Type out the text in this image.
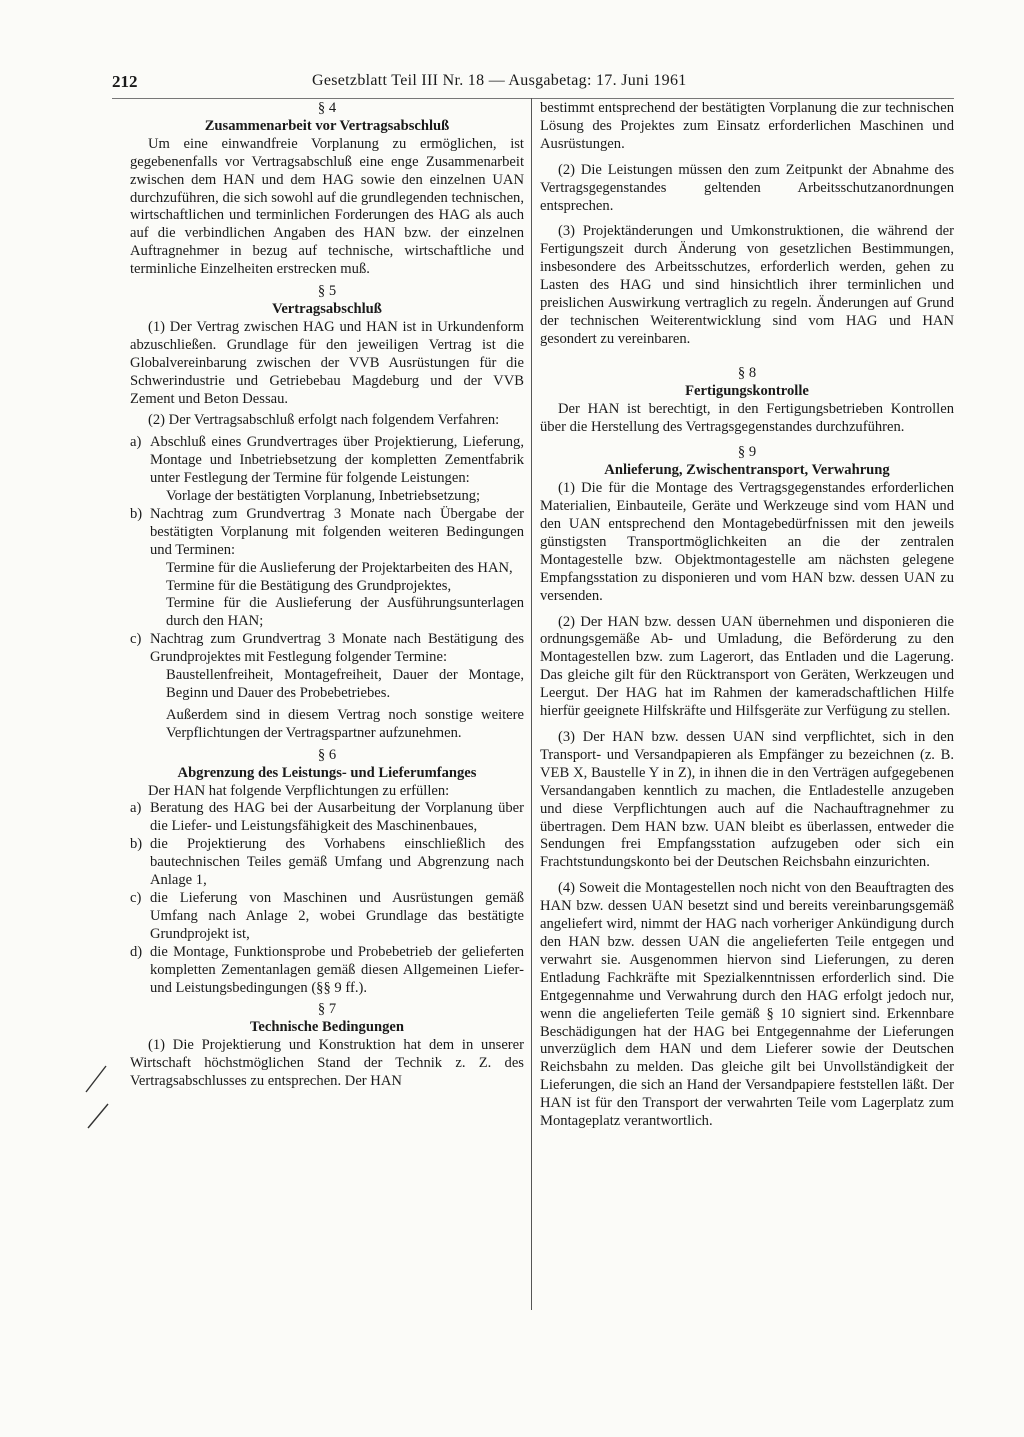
212	Gesetzblatt Teil III Nr. 18 — Ausgabetag: 17. Juni 1961

§ 4

Zusammenarbeit vor Vertragsabschluß

Um eine einwandfreie Vorplanung zu ermöglichen, ist gegebenenfalls vor Vertragsabschluß eine enge Zusammenarbeit zwischen dem HAN und dem HAG sowie den einzelnen UAN durchzuführen, die sich sowohl auf die grundlegenden technischen, wirtschaftlichen und terminlichen Forderungen des HAG als auch auf die verbindlichen Angaben des HAN bzw. der einzelnen Auftragnehmer in bezug auf technische, wirtschaftliche und terminliche Einzelheiten erstrecken muß.

§ 5

Vertragsabschluß

(1) Der Vertrag zwischen HAG und HAN ist in Urkundenform abzuschließen. Grundlage für den jeweiligen Vertrag ist die Globalvereinbarung zwischen der VVB Ausrüstungen für die Schwerindustrie und Getriebebau Magdeburg und der VVB Zement und Beton Dessau.

(2) Der Vertragsabschluß erfolgt nach folgendem Verfahren:

a) Abschluß eines Grundvertrages über Projektierung, Lieferung, Montage und Inbetriebsetzung der kompletten Zementfabrik unter Festlegung der Termine für folgende Leistungen:

Vorlage der bestätigten Vorplanung, Inbetriebsetzung;

b) Nachtrag zum Grundvertrag 3 Monate nach Übergabe der bestätigten Vorplanung mit folgenden weiteren Bedingungen und Terminen:

Termine für die Auslieferung der Projektarbeiten des HAN,

Termine für die Bestätigung des Grundprojektes,

Termine für die Auslieferung der Ausführungsunterlagen durch den HAN;

c) Nachtrag zum Grundvertrag 3 Monate nach Bestätigung des Grundprojektes mit Festlegung folgender Termine:

Baustellenfreiheit, Montagefreiheit, Dauer der Montage, Beginn und Dauer des Probebetriebes.

Außerdem sind in diesem Vertrag noch sonstige weitere Verpflichtungen der Vertragspartner aufzunehmen.

§ 6

Abgrenzung des Leistungs- und Lieferumfanges

Der HAN hat folgende Verpflichtungen zu erfüllen:

a) Beratung des HAG bei der Ausarbeitung der Vorplanung über die Liefer- und Leistungsfähigkeit des Maschinenbaues,
b) die Projektierung des Vorhabens einschließlich des bautechnischen Teiles gemäß Umfang und Abgrenzung nach Anlage 1,
c) die Lieferung von Maschinen und Ausrüstungen gemäß Umfang nach Anlage 2, wobei Grundlage das bestätigte Grundprojekt ist,
d) die Montage, Funktionsprobe und Probebetrieb der gelieferten kompletten Zementanlagen gemäß diesen Allgemeinen Liefer- und Leistungsbedingungen (§§ 9 ff.).

§ 7

Technische Bedingungen

(1) Die Projektierung und Konstruktion hat dem in unserer Wirtschaft höchstmöglichen Stand der Technik z. Z. des Vertragsabschlusses zu entsprechen. Der HAN

bestimmt entsprechend der bestätigten Vorplanung die zur technischen Lösung des Projektes zum Einsatz erforderlichen Maschinen und Ausrüstungen.

(2) Die Leistungen müssen den zum Zeitpunkt der Abnahme des Vertragsgegenstandes geltenden Arbeitsschutzanordnungen entsprechen.

(3) Projektänderungen und Umkonstruktionen, die während der Fertigungszeit durch Änderung von gesetzlichen Bestimmungen, insbesondere des Arbeitsschutzes, erforderlich werden, gehen zu Lasten des HAG und sind hinsichtlich ihrer terminlichen und preislichen Auswirkung vertraglich zu regeln. Änderungen auf Grund der technischen Weiterentwicklung sind vom HAG und HAN gesondert zu vereinbaren.

§ 8

Fertigungskontrolle

Der HAN ist berechtigt, in den Fertigungsbetrieben Kontrollen über die Herstellung des Vertragsgegenstandes durchzuführen.

§ 9

Anlieferung, Zwischentransport, Verwahrung

(1) Die für die Montage des Vertragsgegenstandes erforderlichen Materialien, Einbauteile, Geräte und Werkzeuge sind vom HAN und den UAN entsprechend den Montagebedürfnissen mit den jeweils günstigsten Transportmöglichkeiten an die der zentralen Montagestelle bzw. Objektmontagestelle am nächsten gelegene Empfangsstation zu disponieren und vom HAN bzw. dessen UAN zu versenden.

(2) Der HAN bzw. dessen UAN übernehmen und disponieren die ordnungsgemäße Ab- und Umladung, die Beförderung zu den Montagestellen bzw. zum Lagerort, das Entladen und die Lagerung. Das gleiche gilt für den Rücktransport von Geräten, Werkzeugen und Leergut. Der HAG hat im Rahmen der kameradschaftlichen Hilfe hierfür geeignete Hilfskräfte und Hilfsgeräte zur Verfügung zu stellen.

(3) Der HAN bzw. dessen UAN sind verpflichtet, sich in den Transport- und Versandpapieren als Empfänger zu bezeichnen (z. B. VEB X, Baustelle Y in Z), in ihnen die in den Verträgen aufgegebenen Versandangaben kenntlich zu machen, die Entladestelle anzugeben und diese Verpflichtungen auch auf die Nachauftragnehmer zu übertragen. Dem HAN bzw. UAN bleibt es überlassen, entweder die Sendungen frei Empfangsstation aufzugeben oder sich ein Frachtstundungskonto bei der Deutschen Reichsbahn einzurichten.

(4) Soweit die Montagestellen noch nicht von den Beauftragten des HAN bzw. dessen UAN besetzt sind und bereits vereinbarungsgemäß angeliefert wird, nimmt der HAG nach vorheriger Ankündigung durch den HAN bzw. dessen UAN die angelieferten Teile entgegen und verwahrt sie. Ausgenommen hiervon sind Lieferungen, zu deren Entladung Fachkräfte mit Spezialkenntnissen erforderlich sind. Die Entgegennahme und Verwahrung durch den HAG erfolgt jedoch nur, wenn die angelieferten Teile gemäß § 10 signiert sind. Erkennbare Beschädigungen hat der HAG bei Entgegennahme der Lieferungen unverzüglich dem HAN und dem Lieferer sowie der Deutschen Reichsbahn zu melden. Das gleiche gilt bei Unvollständigkeit der Lieferungen, die sich an Hand der Versandpapiere feststellen läßt. Der HAN ist für den Transport der verwahrten Teile vom Lagerplatz zum Montageplatz verantwortlich.
